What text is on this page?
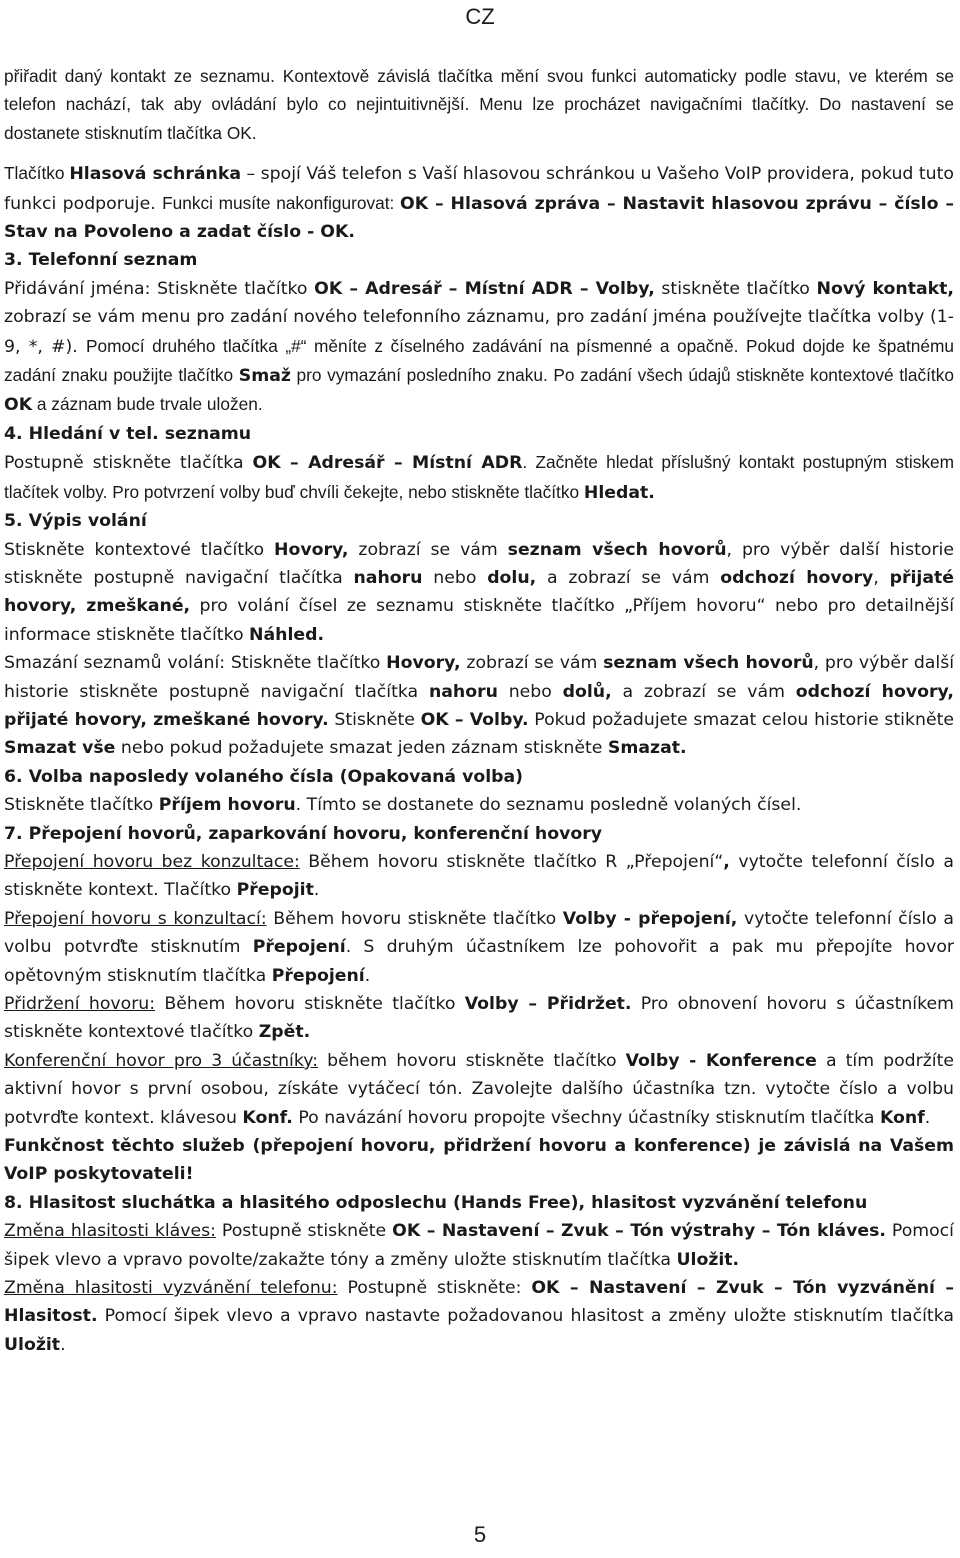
CZ

přiřadit daný kontakt ze seznamu. Kontextově závislá tlačítka mění svou funkci automaticky podle stavu, ve kterém se telefon nachází, tak aby ovládání bylo co nejintuitivnější. Menu lze procházet navigačními tlačítky. Do nastavení se dostanete stisknutím tlačítka OK.

Tlačítko Hlasová schránka – spojí Váš telefon s Vaší hlasovou schránkou u Vašeho VoIP providera, pokud tuto funkci podporuje. Funkci musíte nakonfigurovat: OK – Hlasová zpráva – Nastavit hlasovou zprávu – číslo – Stav na Povoleno a zadat číslo - OK.

3. Telefonní seznam

Přidávání jména: Stiskněte tlačítko OK – Adresář – Místní ADR – Volby, stiskněte tlačítko Nový kontakt, zobrazí se vám menu pro zadání nového telefonního záznamu, pro zadání jména používejte tlačítka volby (1-9, *, #). Pomocí druhého tlačítka „#“ měníte z číselného zadávání na písmenné a opačně. Pokud dojde ke špatnému zadání znaku použijte tlačítko Smaž pro vymazání posledního znaku. Po zadání všech údajů stiskněte kontextové tlačítko OK a záznam bude trvale uložen.

4. Hledání v tel. seznamu

Postupně stiskněte tlačítka OK – Adresář – Místní ADR. Začněte hledat příslušný kontakt postupným stiskem tlačítek volby. Pro potvrzení volby buď chvíli čekejte, nebo stiskněte tlačítko Hledat.

5. Výpis volání

Stiskněte kontextové tlačítko Hovory, zobrazí se vám seznam všech hovorů, pro výběr další historie stiskněte postupně navigační tlačítka nahoru nebo dolu, a zobrazí se vám odchozí hovory, přijaté hovory, zmeškané, pro volání čísel ze seznamu stiskněte tlačítko „Příjem hovoru“ nebo pro detailnější informace stiskněte tlačítko Náhled.

Smazání seznamů volání: Stiskněte tlačítko Hovory, zobrazí se vám seznam všech hovorů, pro výběr další historie stiskněte postupně navigační tlačítka nahoru nebo dolů, a zobrazí se vám odchozí hovory, přijaté hovory, zmeškané hovory. Stiskněte OK – Volby. Pokud požadujete smazat celou historie stikněte Smazat vše nebo pokud požadujete smazat jeden záznam stiskněte Smazat.

6. Volba naposledy volaného čísla (Opakovaná volba)

Stiskněte tlačítko Příjem hovoru. Tímto se dostanete do seznamu posledně volaných čísel.

7. Přepojení hovorů, zaparkování hovoru, konferenční hovory

Přepojení hovoru bez konzultace: Během hovoru stiskněte tlačítko R „Přepojení“, vytočte telefonní číslo a stiskněte kontext. Tlačítko Přepojit.

Přepojení hovoru s konzultací: Během hovoru stiskněte tlačítko Volby - přepojení, vytočte telefonní číslo a volbu potvrďte stisknutím Přepojení. S druhým účastníkem lze pohovořit a pak mu přepojíte hovor opětovným stisknutím tlačítka Přepojení.

Přidržení hovoru: Během hovoru stiskněte tlačítko Volby – Přidržet. Pro obnovení hovoru s účastníkem stiskněte kontextové tlačítko Zpět.

Konferenční hovor pro 3 účastníky: během hovoru stiskněte tlačítko Volby - Konference a tím podržíte aktivní hovor s první osobou, získáte vytáčecí tón. Zavolejte dalšího účastníka tzn. vytočte číslo a volbu potvrďte kontext. klávesou Konf. Po navázání hovoru propojte všechny účastníky stisknutím tlačítka Konf.

Funkčnost těchto služeb (přepojení hovoru, přidržení hovoru a konference) je závislá na Vašem VoIP poskytovateli!

8. Hlasitost sluchátka a hlasitého odposlechu (Hands Free), hlasitost vyzvánění telefonu

Změna hlasitosti kláves: Postupně stiskněte OK – Nastavení – Zvuk – Tón výstrahy – Tón kláves. Pomocí šipek vlevo a vpravo povolte/zakažte tóny a změny uložte stisknutím tlačítka Uložit.

Změna hlasitosti vyzvánění telefonu: Postupně stiskněte: OK – Nastavení – Zvuk – Tón vyzvánění – Hlasitost. Pomocí šipek vlevo a vpravo nastavte požadovanou hlasitost a změny uložte stisknutím tlačítka Uložit.

5
